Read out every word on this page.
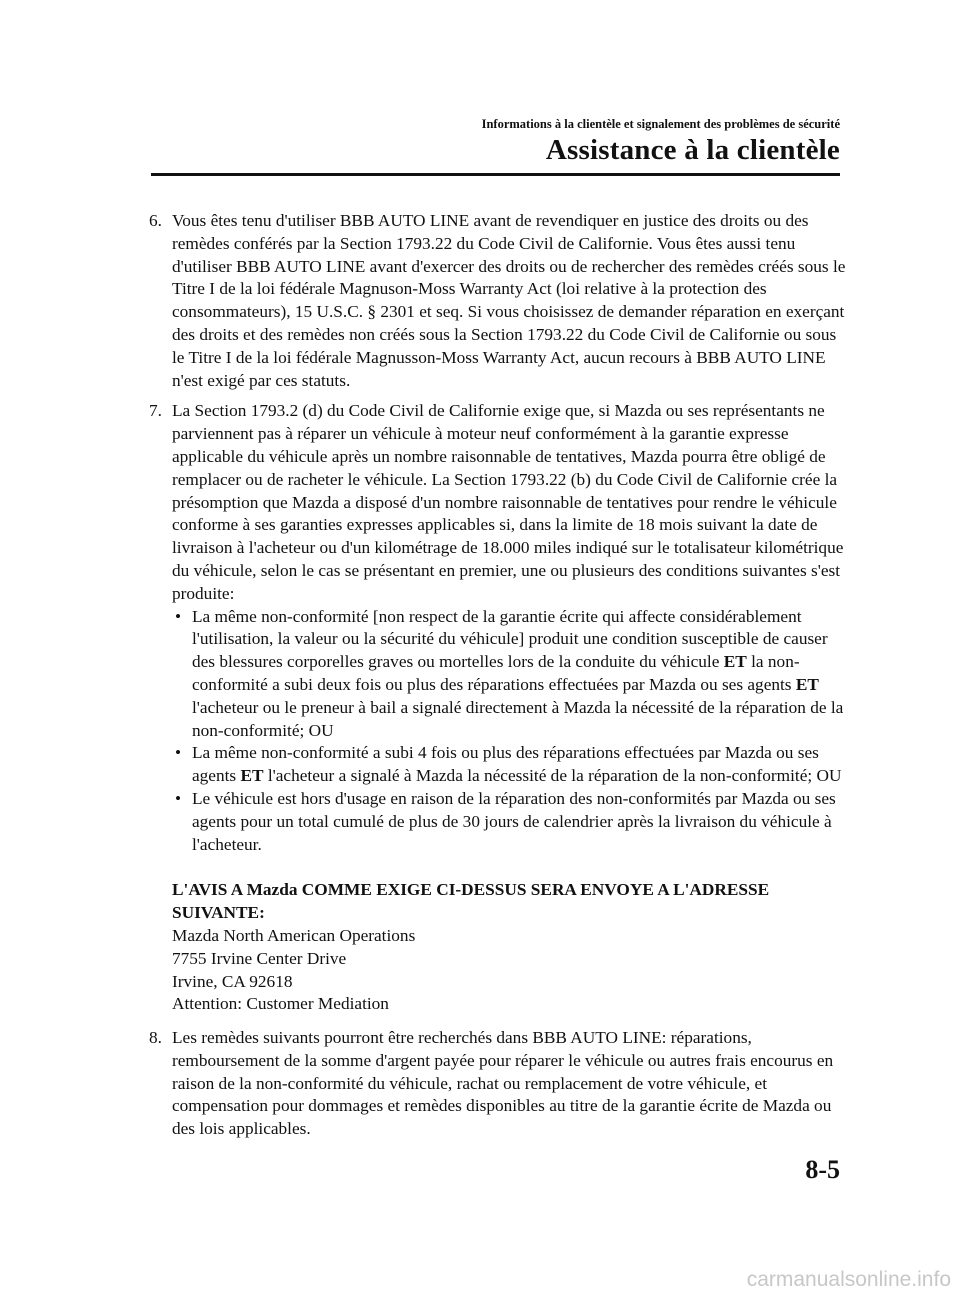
Informations à la clientèle et signalement des problèmes de sécurité
Assistance à la clientèle
6. Vous êtes tenu d'utiliser BBB AUTO LINE avant de revendiquer en justice des droits ou des remèdes conférés par la Section 1793.22 du Code Civil de Californie. Vous êtes aussi tenu d'utiliser BBB AUTO LINE avant d'exercer des droits ou de rechercher des remèdes créés sous le Titre I de la loi fédérale Magnuson-Moss Warranty Act (loi relative à la protection des consommateurs), 15 U.S.C. § 2301 et seq. Si vous choisissez de demander réparation en exerçant des droits et des remèdes non créés sous la Section 1793.22 du Code Civil de Californie ou sous le Titre I de la loi fédérale Magnusson-Moss Warranty Act, aucun recours à BBB AUTO LINE n'est exigé par ces statuts.
7. La Section 1793.2 (d) du Code Civil de Californie exige que, si Mazda ou ses représentants ne parviennent pas à réparer un véhicule à moteur neuf conformément à la garantie expresse applicable du véhicule après un nombre raisonnable de tentatives, Mazda pourra être obligé de remplacer ou de racheter le véhicule. La Section 1793.22 (b) du Code Civil de Californie crée la présomption que Mazda a disposé d'un nombre raisonnable de tentatives pour rendre le véhicule conforme à ses garanties expresses applicables si, dans la limite de 18 mois suivant la date de livraison à l'acheteur ou d'un kilométrage de 18.000 miles indiqué sur le totalisateur kilométrique du véhicule, selon le cas se présentant en premier, une ou plusieurs des conditions suivantes s'est produite:
• La même non-conformité [non respect de la garantie écrite qui affecte considérablement l'utilisation, la valeur ou la sécurité du véhicule] produit une condition susceptible de causer des blessures corporelles graves ou mortelles lors de la conduite du véhicule ET la non-conformité a subi deux fois ou plus des réparations effectuées par Mazda ou ses agents ET l'acheteur ou le preneur à bail a signalé directement à Mazda la nécessité de la réparation de la non-conformité; OU
• La même non-conformité a subi 4 fois ou plus des réparations effectuées par Mazda ou ses agents ET l'acheteur a signalé à Mazda la nécessité de la réparation de la non-conformité; OU
• Le véhicule est hors d'usage en raison de la réparation des non-conformités par Mazda ou ses agents pour un total cumulé de plus de 30 jours de calendrier après la livraison du véhicule à l'acheteur.
L'AVIS A Mazda COMME EXIGE CI-DESSUS SERA ENVOYE A L'ADRESSE SUIVANTE:
Mazda North American Operations
7755 Irvine Center Drive
Irvine, CA 92618
Attention: Customer Mediation
8. Les remèdes suivants pourront être recherchés dans BBB AUTO LINE: réparations, remboursement de la somme d'argent payée pour réparer le véhicule ou autres frais encourus en raison de la non-conformité du véhicule, rachat ou remplacement de votre véhicule, et compensation pour dommages et remèdes disponibles au titre de la garantie écrite de Mazda ou des lois applicables.
8-5
carmanualsonline.info
